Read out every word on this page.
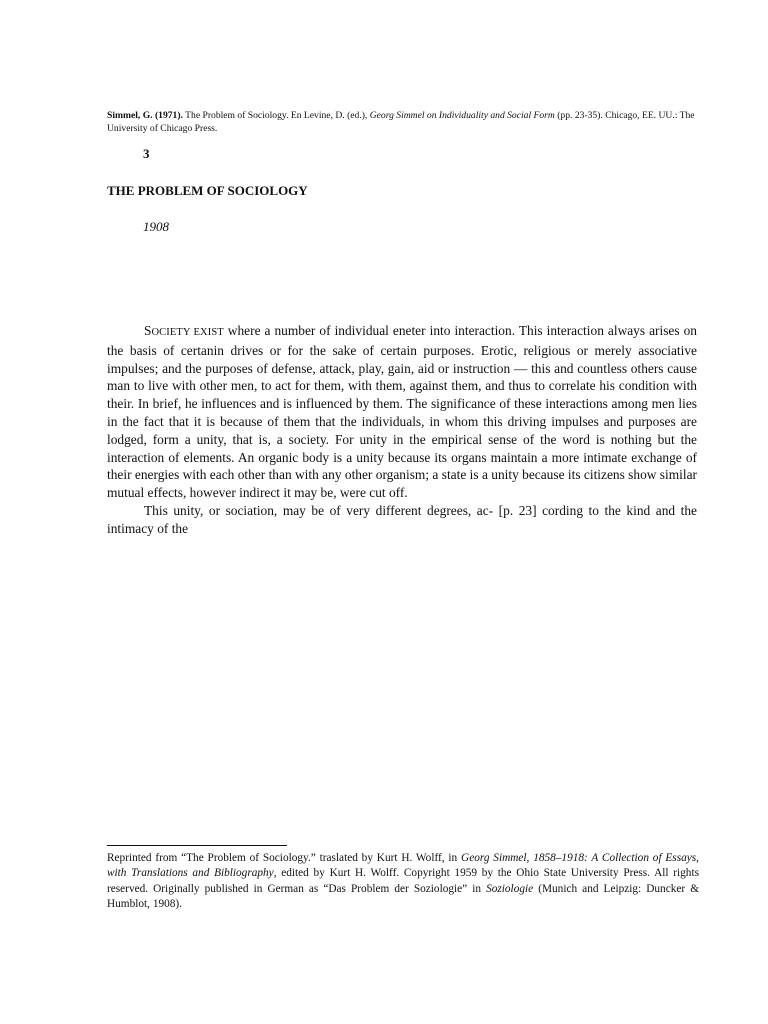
Simmel, G. (1971). The Problem of Sociology. En Levine, D. (ed.), Georg Simmel on Individuality and Social Form (pp. 23-35). Chicago, EE. UU.: The University of Chicago Press.
3
THE PROBLEM OF SOCIOLOGY
1908

SOCIETY EXIST where a number of individual eneter into interaction. This interaction always arises on the basis of certanin drives or for the sake of certain purposes. Erotic, religious or merely associative impulses; and the purposes of defense, attack, play, gain, aid or instruction — this and countless others cause man to live with other men, to act for them, with them, against them, and thus to correlate his condition with their. In brief, he influences and is influenced by them. The significance of these interactions among men lies in the fact that it is because of them that the individuals, in whom this driving impulses and purposes are lodged, form a unity, that is, a society. For unity in the empirical sense of the word is nothing but the interaction of elements. An organic body is a unity because its organs maintain a more intimate exchange of their energies with each other than with any other organism; a state is a unity because its citizens show similar mutual effects, however indirect it may be, were cut off.

This unity, or sociation, may be of very different degrees, ac- [p. 23] cording to the kind and the intimacy of the

Reprinted from “The Problem of Sociology.” traslated by Kurt H. Wolff, in Georg Simmel, 1858–1918: A Collection of Essays, with Translations and Bibliography, edited by Kurt H. Wolff. Copyright 1959 by the Ohio State University Press. All rights reserved. Originally published in German as “Das Problem der Soziologie” in Soziologie (Munich and Leipzig: Duncker & Humblot, 1908).
